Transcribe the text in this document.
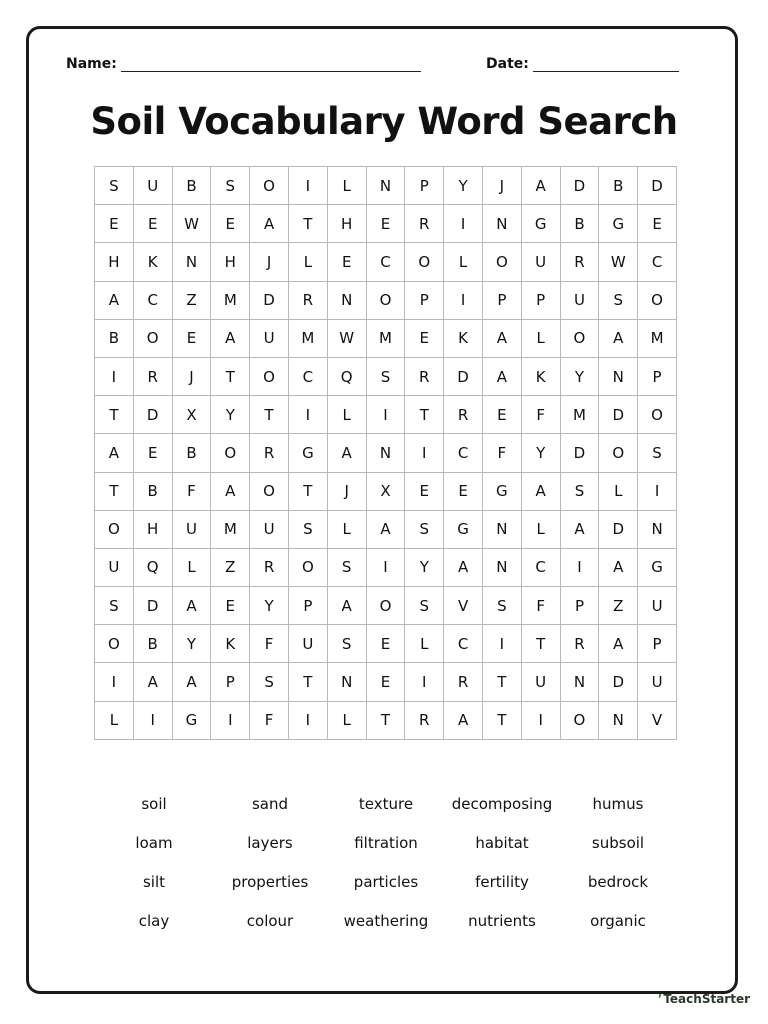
Name:	Date:
Soil Vocabulary Word Search
S	U	B	S	O	I	L	N	P	Y	J	A	D	B	D
E	E	W	E	A	T	H	E	R	I	N	G	B	G	E
H	K	N	H	J	L	E	C	O	L	O	U	R	W	C
A	C	Z	M	D	R	N	O	P	I	P	P	U	S	O
B	O	E	A	U	M	W	M	E	K	A	L	O	A	M
I	R	J	T	O	C	Q	S	R	D	A	K	Y	N	P
T	D	X	Y	T	I	L	I	T	R	E	F	M	D	O
A	E	B	O	R	G	A	N	I	C	F	Y	D	O	S
T	B	F	A	O	T	J	X	E	E	G	A	S	L	I
O	H	U	M	U	S	L	A	S	G	N	L	A	D	N
U	Q	L	Z	R	O	S	I	Y	A	N	C	I	A	G
S	D	A	E	Y	P	A	O	S	V	S	F	P	Z	U
O	B	Y	K	F	U	S	E	L	C	I	T	R	A	P
I	A	A	P	S	T	N	E	I	R	T	U	N	D	U
L	I	G	I	F	I	L	T	R	A	T	I	O	N	V
soil	sand	texture	decomposing	humus
loam	layers	filtration	habitat	subsoil
silt	properties	particles	fertility	bedrock
clay	colour	weathering	nutrients	organic
’ TeachStarter
